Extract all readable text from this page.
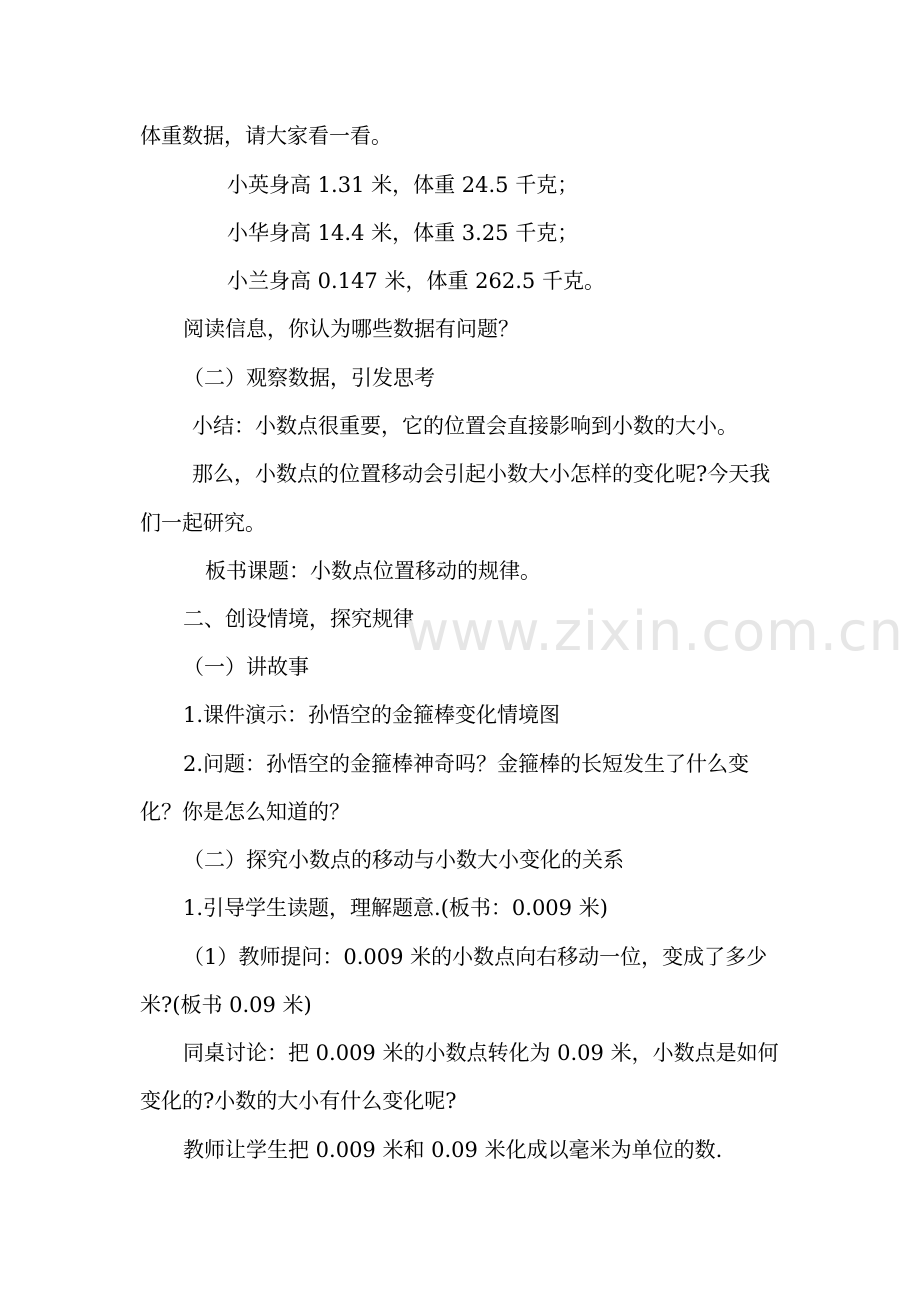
体重数据，请大家看一看。
小英身高 1.31 米，体重 24.5 千克；
小华身高 14.4 米，体重 3.25 千克；
小兰身高 0.147 米，体重 262.5 千克。
阅读信息，你认为哪些数据有问题？
（二）观察数据，引发思考
小结：小数点很重要，它的位置会直接影响到小数的大小。
那么，小数点的位置移动会引起小数大小怎样的变化呢?今天我
们一起研究。
板书课题：小数点位置移动的规律。
二、创设情境，探究规律
（一）讲故事
1.课件演示：孙悟空的金箍棒变化情境图
2.问题：孙悟空的金箍棒神奇吗？金箍棒的长短发生了什么变
化？你是怎么知道的？
（二）探究小数点的移动与小数大小变化的关系
1.引导学生读题，理解题意.(板书：0.009 米)
（1）教师提问：0.009 米的小数点向右移动一位，变成了多少
米?(板书 0.09 米)
同桌讨论：把 0.009 米的小数点转化为 0.09 米，小数点是如何
变化的?小数的大小有什么变化呢?
教师让学生把 0.009 米和 0.09 米化成以毫米为单位的数.
www.zixin.com.cn
